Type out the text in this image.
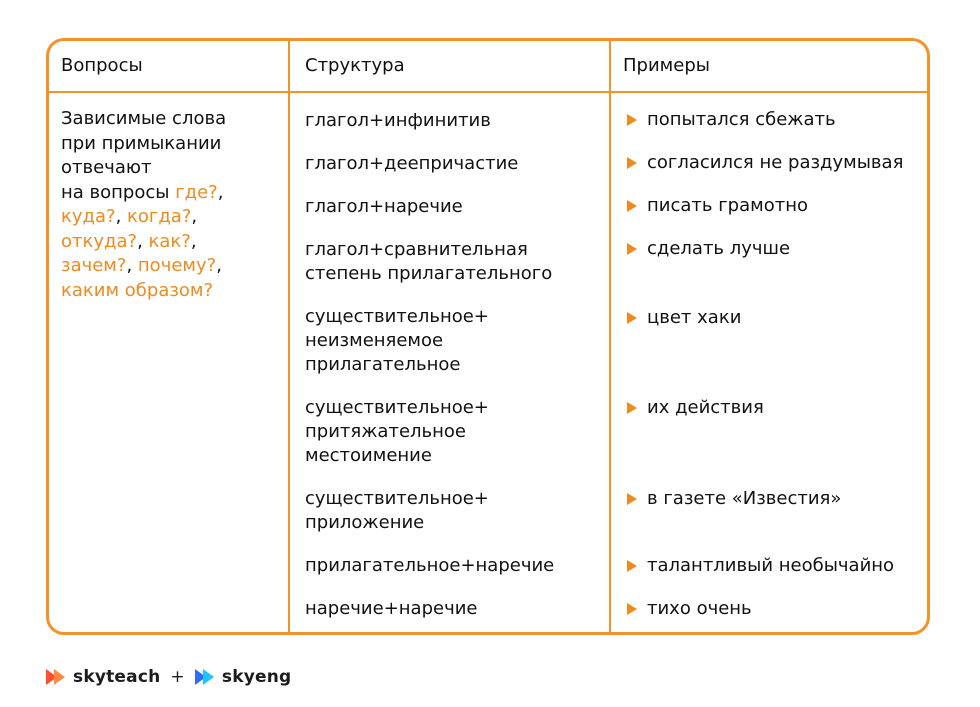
Вопросы	Структура	Примеры
Зависимые слова
при примыкании
отвечают
на вопросы где?,
куда?, когда?,
откуда?, как?,
зачем?, почему?,
каким образом?
глагол+инфинитив
глагол+деепричастие
глагол+наречие
глагол+сравнительная
степень прилагательного
существительное+
неизменяемое
прилагательное
существительное+
притяжательное
местоимение
существительное+
приложение
прилагательное+наречие
наречие+наречие
попытался сбежать
согласился не раздумывая
писать грамотно
сделать лучше
цвет хаки
их действия
в газете «Известия»
талантливый необычайно
тихо очень
skyteach + skyeng
